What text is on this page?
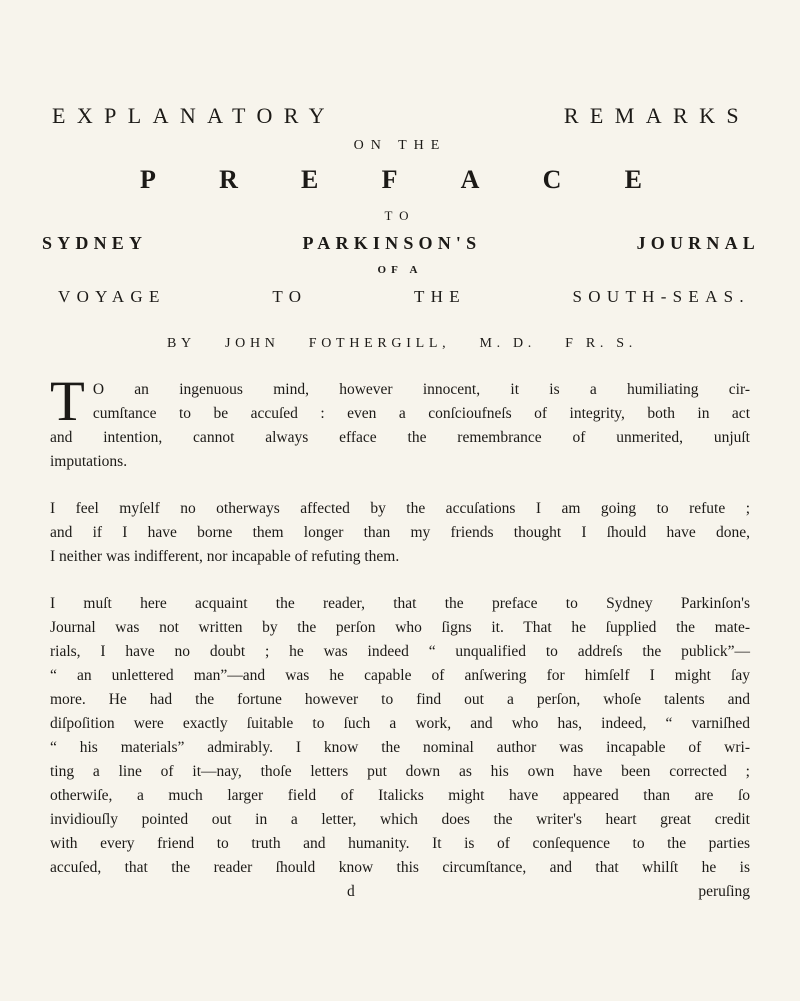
EXPLANATORY	REMARKS
ON THE
P R E F A C E
TO
SYDNEY	PARKINSON'S	JOURNAL
OF A
VOYAGE	TO	THE	SOUTH-SEAS.
BY JOHN FOTHERGILL, M. D. F R. S.
T O an ingenuous mind, however innocent, it is a humiliating cir-
cumſtance to be accuſed : even a conſcioufneſs of integrity, both in act
and intention, cannot always efface the remembrance of unmerited, unjuſt
imputations.
I feel myſelf no otherways affected by the accuſations I am going to refute ;
and if I have borne them longer than my friends thought I ſhould have done,
I neither was indifferent, nor incapable of refuting them.
I muſt here acquaint the reader, that the preface to Sydney Parkinſon's
Journal was not written by the perſon who ſigns it. That he ſupplied the mate-
rials, I have no doubt ; he was indeed “ unqualified to addreſs the publick”—
“ an unlettered man”—and was he capable of anſwering for himſelf I might ſay
more. He had the fortune however to find out a perſon, whoſe talents and
diſpoſition were exactly ſuitable to ſuch a work, and who has, indeed, “ varniſhed
“ his materials” admirably. I know the nominal author was incapable of wri-
ting a line of it—nay, thoſe letters put down as his own have been corrected ;
otherwiſe, a much larger field of Italicks might have appeared than are ſo
invidiouſly pointed out in a letter, which does the writer's heart great credit
with every friend to truth and humanity. It is of conſequence to the parties
accuſed, that the reader ſhould know this circumſtance, and that whilſt he is
d	peruſing
